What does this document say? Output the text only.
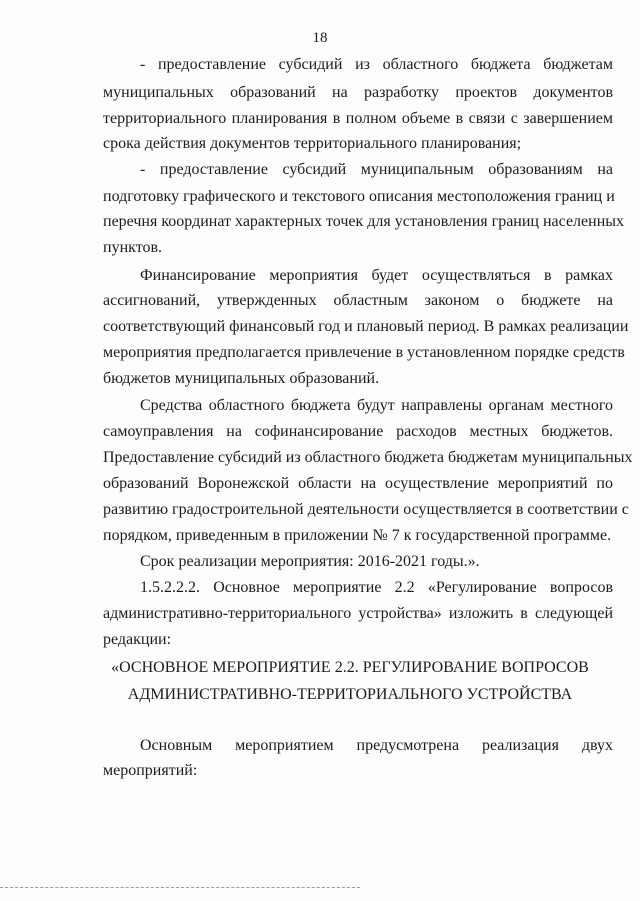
18

- предоставление субсидий из областного бюджета бюджетам

муниципальных образований на разработку проектов документов

территориального планирования в полном объеме в связи с завершением

срока действия документов территориального планирования;

- предоставление субсидий муниципальным образованиям на

подготовку графического и текстового описания местоположения границ и

перечня координат характерных точек для установления границ населенных

пунктов.

Финансирование мероприятия будет осуществляться в рамках

ассигнований, утвержденных областным законом о бюджете на

соответствующий финансовый год и плановый период. В рамках реализации

мероприятия предполагается привлечение в установленном порядке средств

бюджетов муниципальных образований.

Средства областного бюджета будут направлены органам местного

самоуправления на софинансирование расходов местных бюджетов.

Предоставление субсидий из областного бюджета бюджетам муниципальных

образований Воронежской области на осуществление мероприятий по

развитию градостроительной деятельности осуществляется в соответствии с

порядком, приведенным в приложении № 7 к государственной программе.

Срок реализации мероприятия: 2016-2021 годы.».

1.5.2.2.2. Основное мероприятие 2.2 «Регулирование вопросов

административно-территориального устройства» изложить в следующей

редакции:

«ОСНОВНОЕ МЕРОПРИЯТИЕ 2.2. РЕГУЛИРОВАНИЕ ВОПРОСОВ

АДМИНИСТРАТИВНО-ТЕРРИТОРИАЛЬНОГО УСТРОЙСТВА

Основным мероприятием предусмотрена реализация двух

мероприятий:
